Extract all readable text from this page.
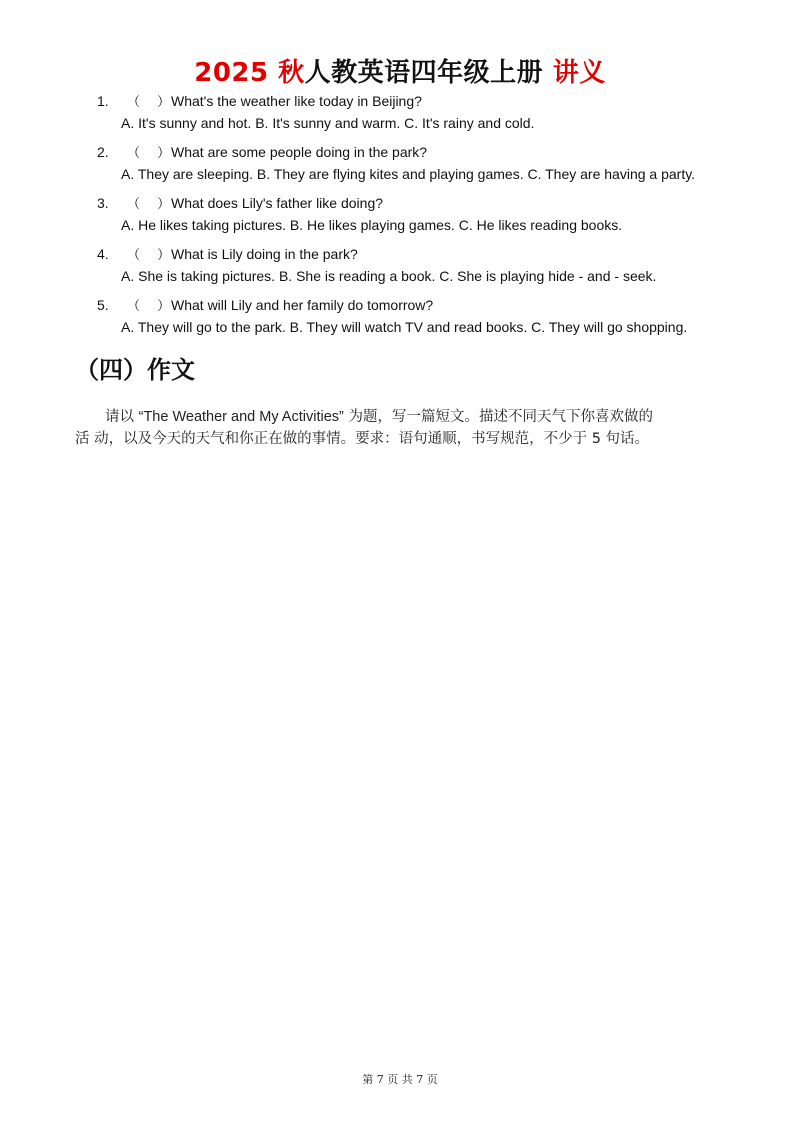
2025 秋人教英语四年级上册 讲义
1.	（　 ） What's the weather like today in Beijing?
A. It's sunny and hot. B. It's sunny and warm. C. It's rainy and cold.
2.	（　 ） What are some people doing in the park?
A. They are sleeping. B. They are flying kites and playing games. C. They are having a party.
3.	（　 ） What does Lily's father like doing?
A. He likes taking pictures. B. He likes playing games. C. He likes reading books.
4.	（　 ） What is Lily doing in the park?
A. She is taking pictures. B. She is reading a book. C. She is playing hide - and - seek.
5.	（　 ） What will Lily and her family do tomorrow?
A. They will go to the park. B. They will watch TV and read books. C. They will go shopping.
（四）作文
请以 “The Weather and My Activities” 为题，写一篇短文。描述不同天气下你喜欢做的
活 动，以及今天的天气和你正在做的事情。要求：语句通顺，书写规范，不少于 5 句话。
第 7 页 共 7 页
